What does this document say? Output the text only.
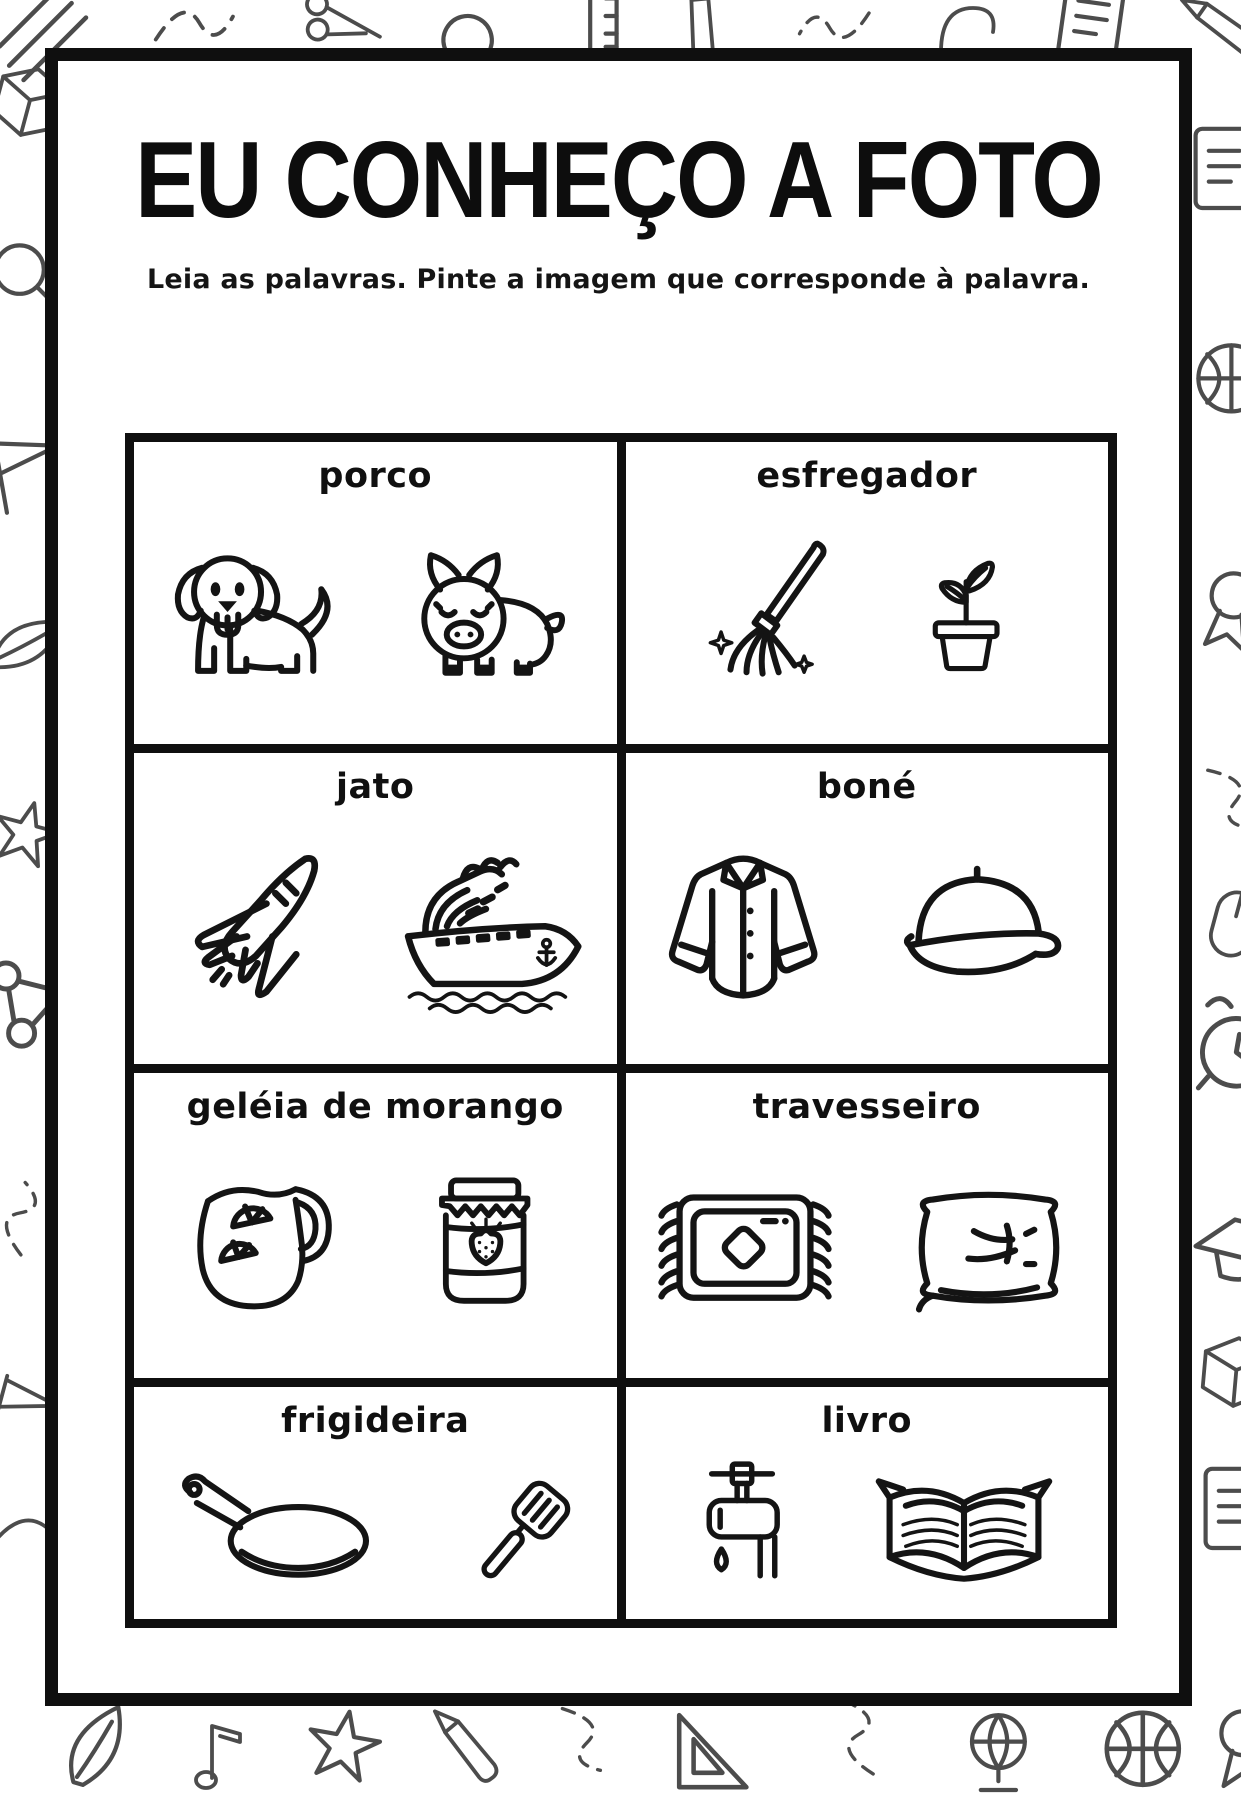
EU CONHEÇO A FOTO

Leia as palavras. Pinte a imagem que corresponde à palavra.

porco	esfregador
jato	boné
geléia de morango	travesseiro
frigideira	livro
